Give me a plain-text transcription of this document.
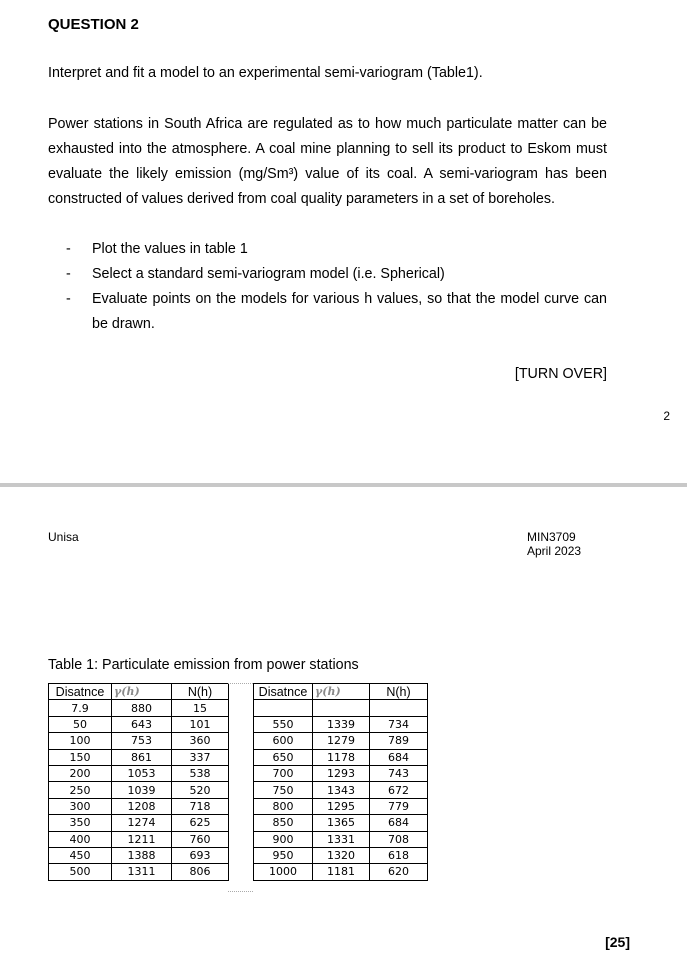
QUESTION 2
Interpret and fit a model to an experimental semi-variogram (Table1).
Power stations in South Africa are regulated as to how much particulate matter can be exhausted into the atmosphere. A coal mine planning to sell its product to Eskom must evaluate the likely emission (mg/Sm³) value of its coal. A semi-variogram has been constructed of values derived from coal quality parameters in a set of boreholes.
- Plot the values in table 1
- Select a standard semi-variogram model (i.e. Spherical)
- Evaluate points on the models for various h values, so that the model curve can be drawn.
[TURN OVER]
2
Unisa	MIN3709
April 2023
Table 1: Particulate emission from power stations
Disatnce	γ(h)	N(h)
7.9	880	15
50	643	101
100	753	360
150	861	337
200	1053	538
250	1039	520
300	1208	718
350	1274	625
400	1211	760
450	1388	693
500	1311	806
Disatnce	γ(h)	N(h)

550	1339	734
600	1279	789
650	1178	684
700	1293	743
750	1343	672
800	1295	779
850	1365	684
900	1331	708
950	1320	618
1000	1181	620
[25]
